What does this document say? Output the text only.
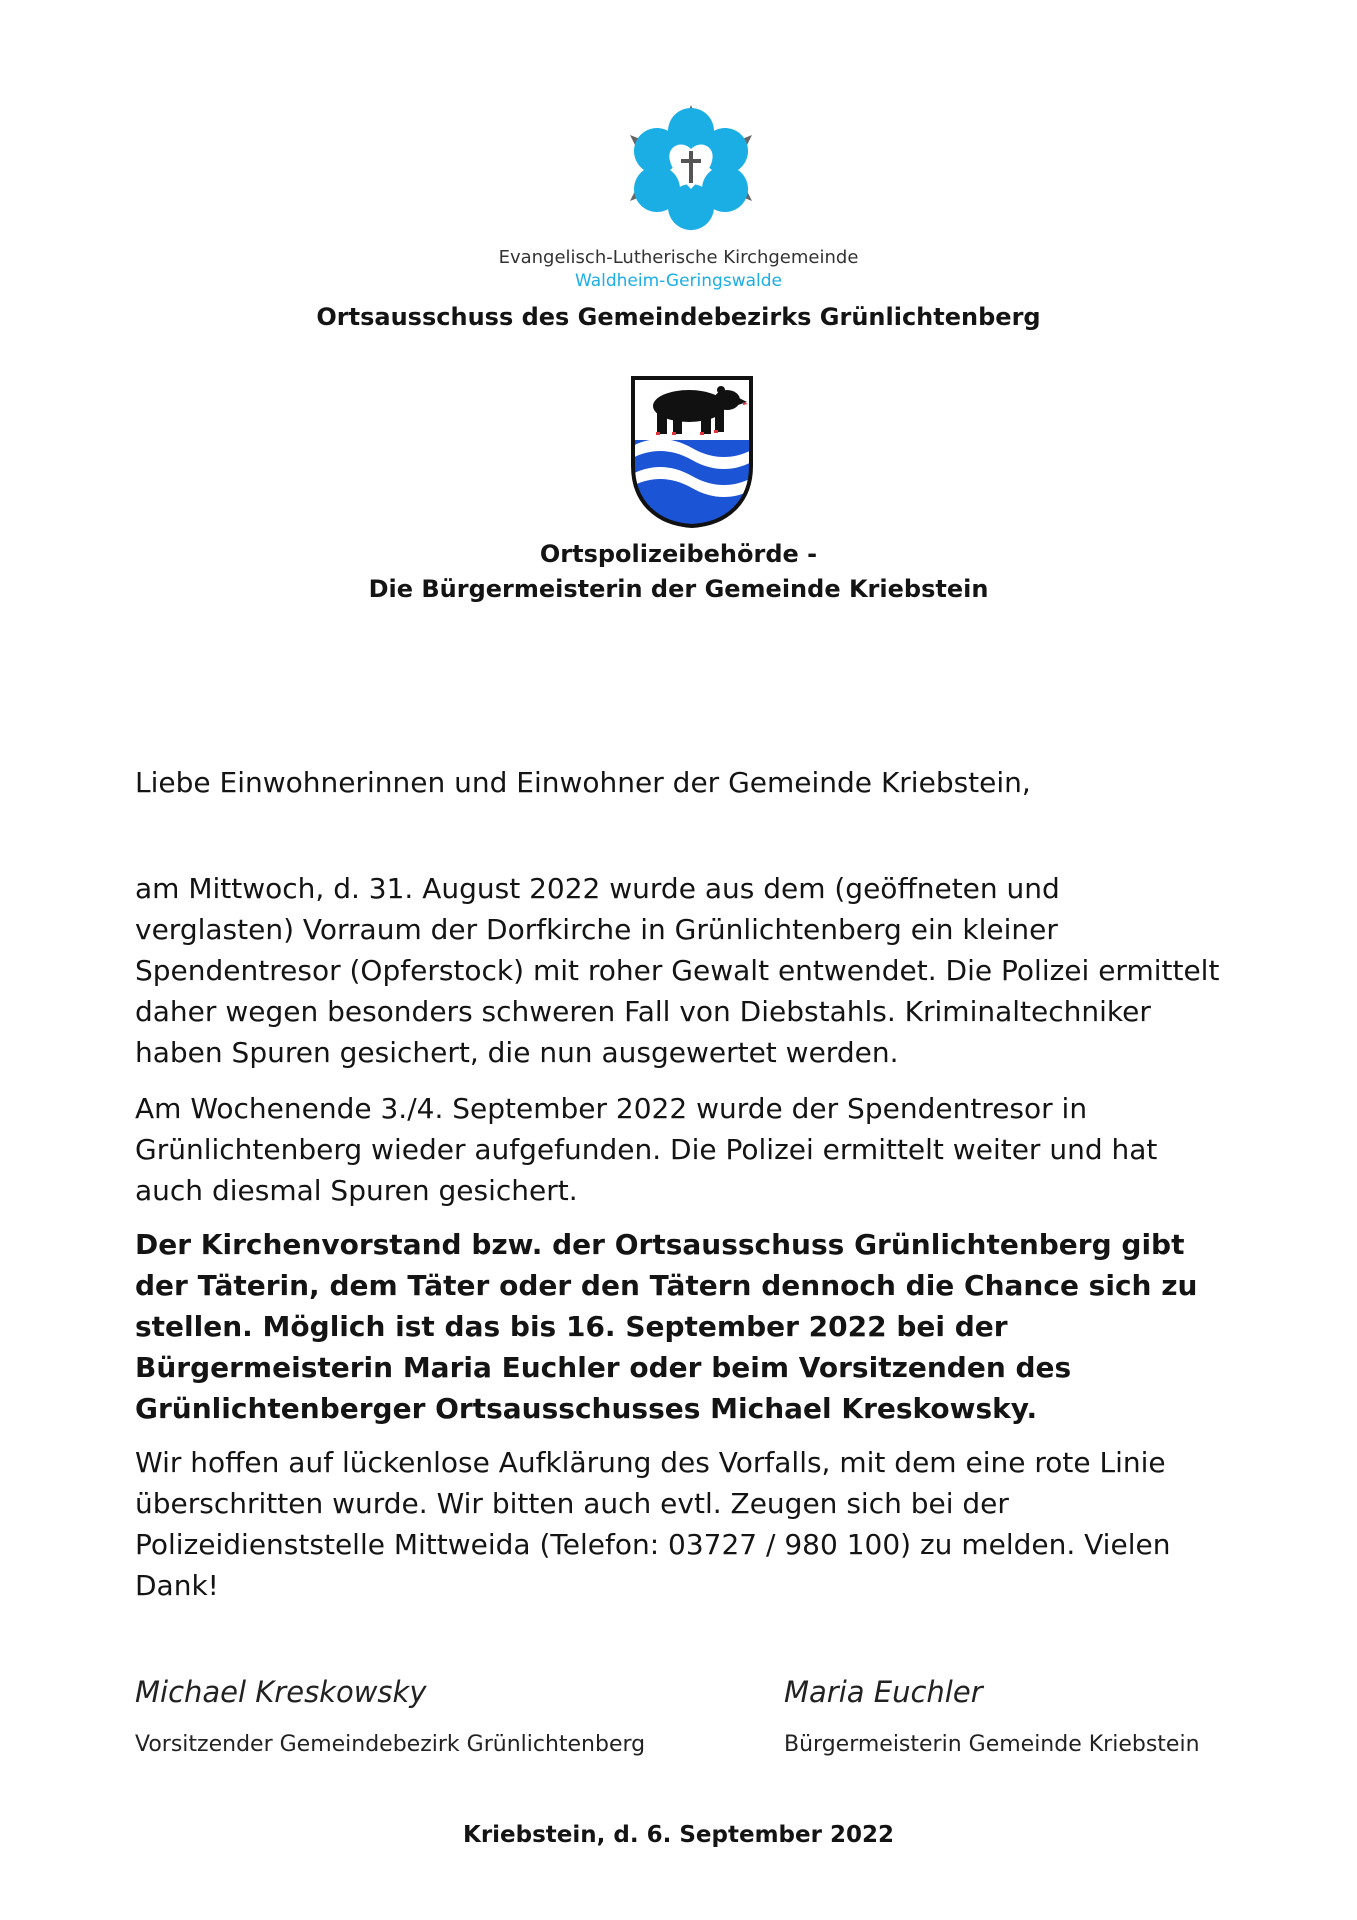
Evangelisch-Lutherische Kirchgemeinde
Waldheim-Geringswalde
Ortsausschuss des Gemeindebezirks Grünlichtenberg
Ortspolizeibehörde -
Die Bürgermeisterin der Gemeinde Kriebstein

Liebe Einwohnerinnen und Einwohner der Gemeinde Kriebstein,

am Mittwoch, d. 31. August 2022 wurde aus dem (geöffneten und verglasten) Vorraum der Dorfkirche in Grünlichtenberg ein kleiner Spendentresor (Opferstock) mit roher Gewalt entwendet. Die Polizei ermittelt daher wegen besonders schweren Fall von Diebstahls. Kriminaltechniker haben Spuren gesichert, die nun ausgewertet werden.

Am Wochenende 3./4. September 2022 wurde der Spendentresor in Grünlichtenberg wieder aufgefunden. Die Polizei ermittelt weiter und hat auch diesmal Spuren gesichert.

Der Kirchenvorstand bzw. der Ortsausschuss Grünlichtenberg gibt der Täterin, dem Täter oder den Tätern dennoch die Chance sich zu stellen. Möglich ist das bis 16. September 2022 bei der Bürgermeisterin Maria Euchler oder beim Vorsitzenden des Grünlichtenberger Ortsausschusses Michael Kreskowsky.

Wir hoffen auf lückenlose Aufklärung des Vorfalls, mit dem eine rote Linie überschritten wurde. Wir bitten auch evtl. Zeugen sich bei der Polizeidienststelle Mittweida (Telefon: 03727 / 980 100) zu melden. Vielen Dank!

Michael Kreskowsky
Vorsitzender Gemeindebezirk Grünlichtenberg
Maria Euchler
Bürgermeisterin Gemeinde Kriebstein
Kriebstein, d. 6. September 2022
